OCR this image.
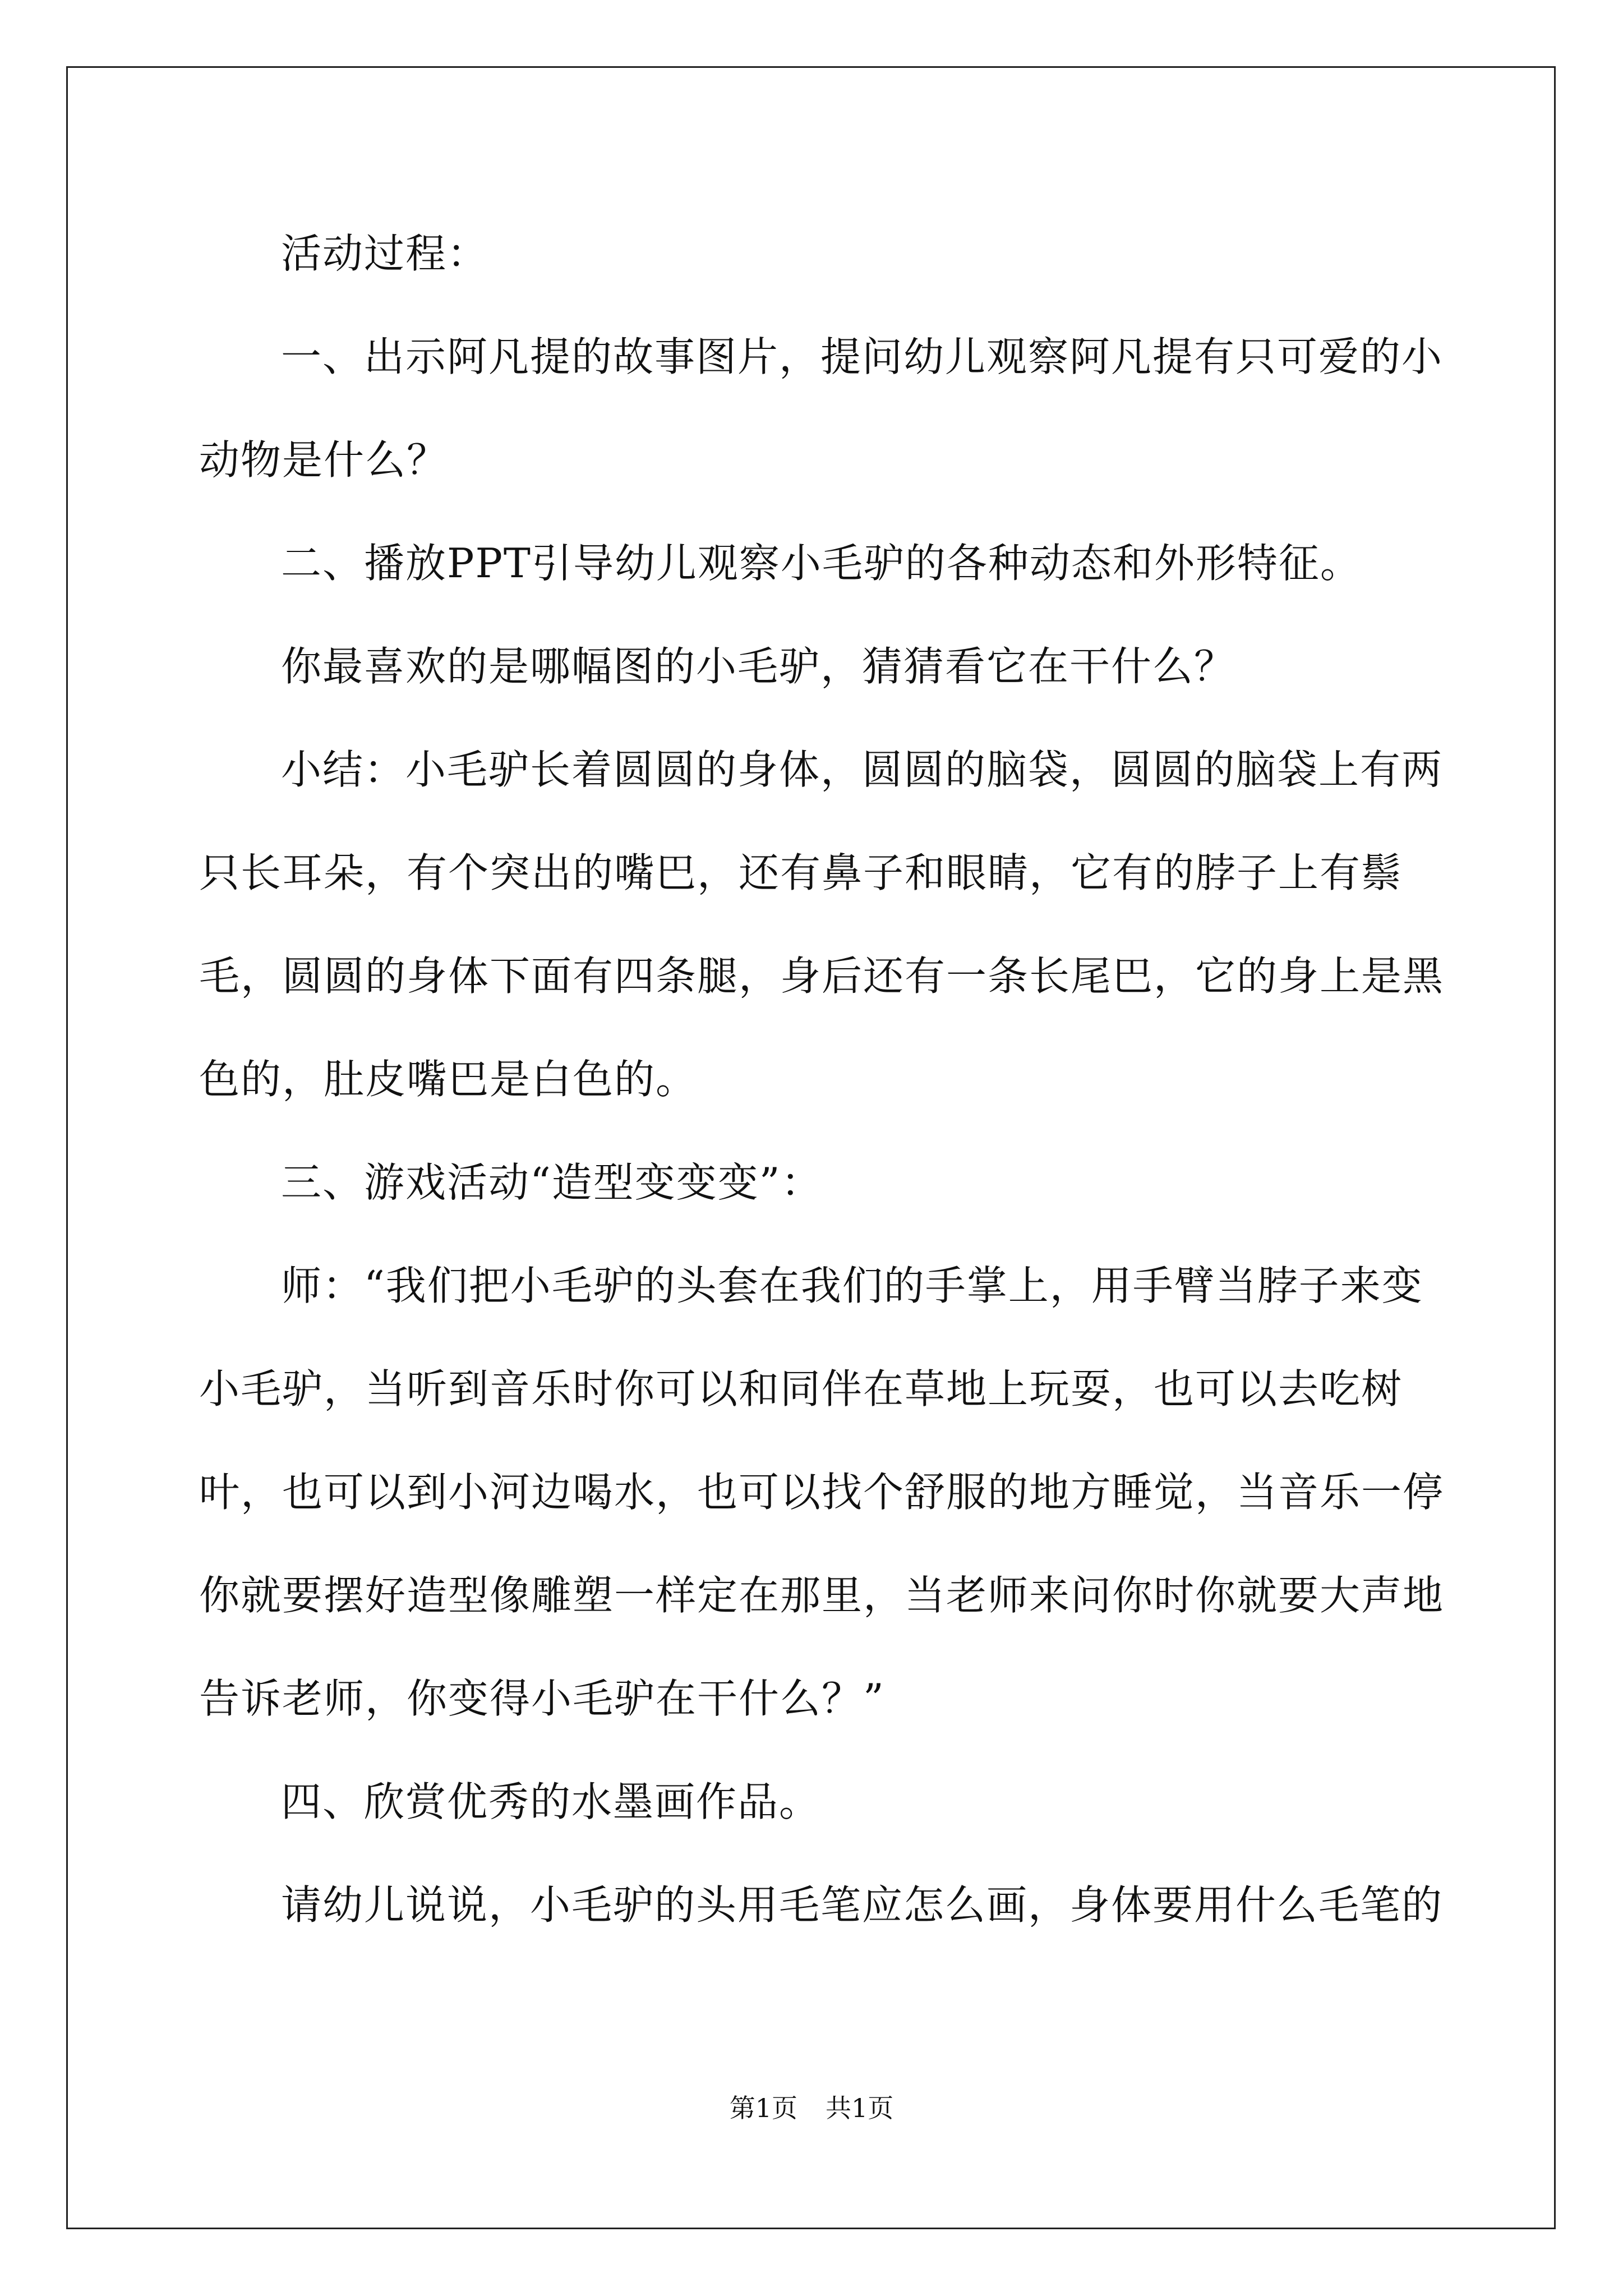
活动过程：

一、出示阿凡提的故事图片，提问幼儿观察阿凡提有只可爱的小动物是什么？

二、播放PPT引导幼儿观察小毛驴的各种动态和外形特征。

你最喜欢的是哪幅图的小毛驴，猜猜看它在干什么？

小结：小毛驴长着圆圆的身体，圆圆的脑袋，圆圆的脑袋上有两只长耳朵，有个突出的嘴巴，还有鼻子和眼睛，它有的脖子上有鬃毛，圆圆的身体下面有四条腿，身后还有一条长尾巴，它的身上是黑色的，肚皮嘴巴是白色的。

三、游戏活动“造型变变变”：

师：“我们把小毛驴的头套在我们的手掌上，用手臂当脖子来变小毛驴，当听到音乐时你可以和同伴在草地上玩耍，也可以去吃树叶，也可以到小河边喝水，也可以找个舒服的地方睡觉，当音乐一停你就要摆好造型像雕塑一样定在那里，当老师来问你时你就要大声地告诉老师，你变得小毛驴在干什么？”

四、欣赏优秀的水墨画作品。

请幼儿说说，小毛驴的头用毛笔应怎么画，身体要用什么毛笔的

第1页 共1页
